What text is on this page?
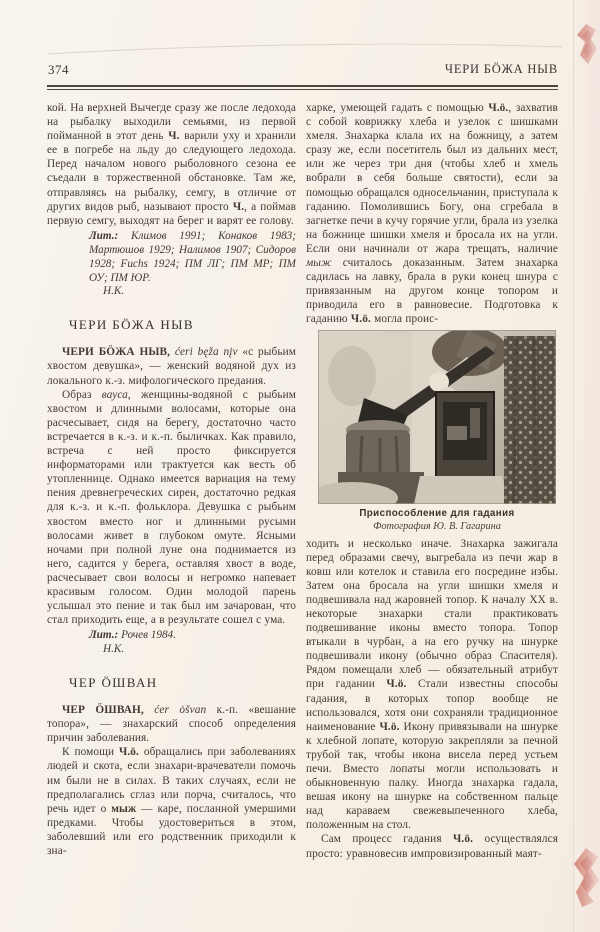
374	ЧЕРИ БӦЖА НЫВ

кой. На верхней Вычегде сразу же после ледохода на рыбалку выходили семьями, из первой пойманной в этот день Ч. варили уху и хранили ее в погребе на льду до следующего ледохода. Перед началом нового рыболовного сезона ее съедали в торжественной обстановке. Там же, отправляясь на рыбалку, семгу, в отличие от других видов рыб, называют просто Ч., а поймав первую семгу, выходят на берег и варят ее голову.

Лит.: Климов 1991; Конаков 1983; Мартюшов 1929; Налимов 1907; Сидоров 1928; Fuchs 1924; ПМ ЛГ; ПМ МР; ПМ ОУ; ПМ ЮР.
Н.К.
ЧЕРИ БӦЖА НЫВ

ЧЕРИ БӦЖА НЫВ, ćeri bęža nįv «с рыбьим хвостом девушка», — женский водяной дух из локального к.-з. мифологического предания.

Образ вауса, женщины-водяной с рыбьим хвостом и длинными волосами, которые она расчесывает, сидя на берегу, достаточно часто встречается в к.-з. и к.-п. быличках. Как правило, встреча с ней просто фиксируется информаторами или трактуется как весть об утопленнице. Однако имеется вариация на тему пения древнегреческих сирен, достаточно редкая для к.-з. и к.-п. фольклора. Девушка с рыбьим хвостом вместо ног и длинными русыми волосами живет в глубоком омуте. Ясными ночами при полной луне она поднимается из него, садится у берега, оставляя хвост в воде, расчесывает свои волосы и негромко напевает красивым голосом. Один молодой парень услышал это пение и так был им зачарован, что стал приходить еще, а в результате сошел с ума.

Лит.: Рочев 1984.
Н.К.
ЧЕР ӦШВАН

ЧЕР ӦШВАН, ćer ȯšvan к.-п. «вешание топора», — знахарский способ определения причин заболевания.

К помощи Ч.ӧ. обращались при заболеваниях людей и скота, если знахари-врачеватели помочь им были не в силах. В таких случаях, если не предполагались сглаз или порча, считалось, что речь идет о мыж — каре, посланной умершими предками. Чтобы удостовериться в этом, заболевший или его родственник приходили к зна-

харке, умеющей гадать с помощью Ч.ӧ., захватив с собой коврижку хлеба и узелок с шишками хмеля. Знахарка клала их на божницу, а затем сразу же, если посетитель был из дальних мест, или же через три дня (чтобы хлеб и хмель вобрали в себя больше святости), если за помощью обращался односельчанин, приступала к гаданию. Помолившись Богу, она сгребала в загнетке печи в кучу горячие угли, брала из узелка на божнице шишки хмеля и бросала их на угли. Если они начинали от жара трещать, наличие мыж считалось доказанным. Затем знахарка садилась на лавку, брала в руки конец шнура с привязанным на другом конце топором и приводила его в равновесие. Подготовка к гаданию Ч.ӧ. могла проис-

Приспособление для гадания
Фотография Ю. В. Гагарина

ходить и несколько иначе. Знахарка зажигала перед образами свечу, выгребала из печи жар в ковш или котелок и ставила его посредине избы. Затем она бросала на угли шишки хмеля и подвешивала над жаровней топор. К началу XX в. некоторые знахарки стали практиковать подвешивание иконы вместо топора. Топор втыкали в чурбан, а на его ручку на шнурке подвешивали икону (обычно образ Спасителя). Рядом помещали хлеб — обязательный атрибут при гадании Ч.ӧ. Стали известны способы гадания, в которых топор вообще не использовался, хотя они сохраняли традиционное наименование Ч.ӧ. Икону привязывали на шнурке к хлебной лопате, которую закрепляли за печной трубой так, чтобы икона висела перед устьем печи. Вместо лопаты могли использовать и обыкновенную палку. Иногда знахарка гадала, вешая икону на шнурке на собственном пальце над караваем свежевыпеченного хлеба, положенным на стол.

Сам процесс гадания Ч.ӧ. осуществлялся просто: уравновесив импровизированный маят-
